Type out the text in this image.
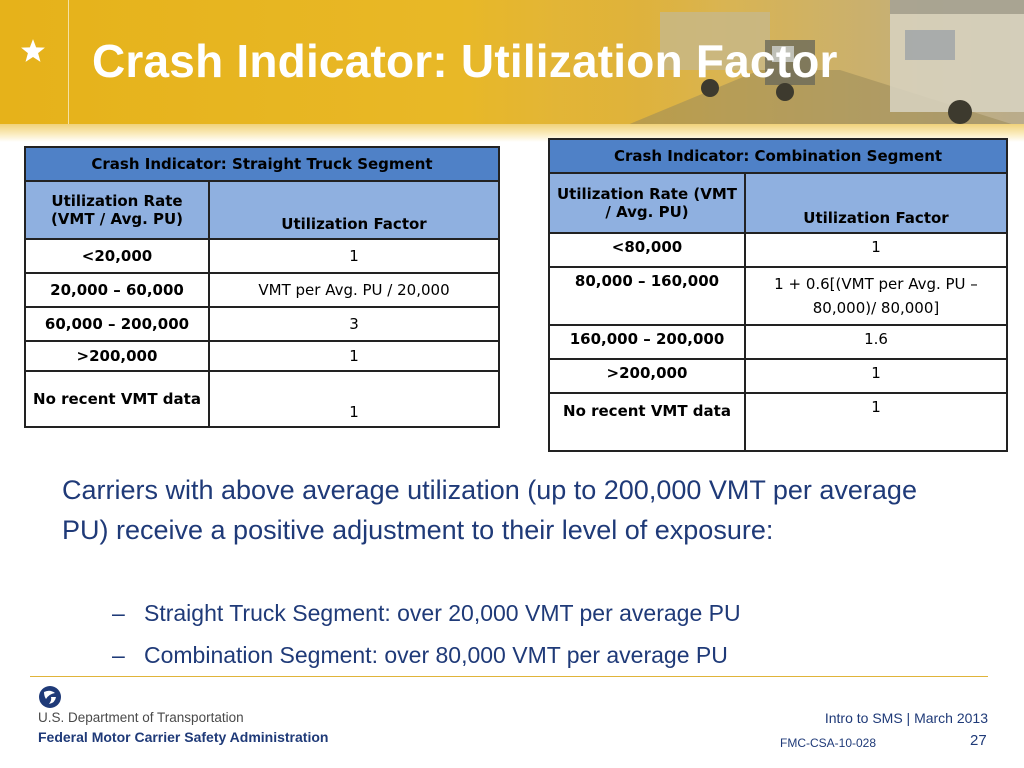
Crash Indicator: Utilization Factor
Crash Indicator: Straight Truck Segment	
Utilization Rate (VMT / Avg. PU)	Utilization Factor
<20,000	1
20,000 – 60,000	VMT per Avg. PU / 20,000
60,000 – 200,000	3
>200,000	1
No recent VMT data	1
Crash Indicator: Combination Segment	
Utilization Rate (VMT / Avg. PU)	Utilization Factor
<80,000	1
80,000 – 160,000	1 + 0.6[(VMT per Avg. PU – 80,000)/ 80,000]
160,000 – 200,000	1.6
>200,000	1
No recent VMT data	1
Carriers with above average utilization (up to 200,000 VMT per average PU) receive a positive adjustment to their level of exposure:
– Straight Truck Segment: over 20,000 VMT per average PU
– Combination Segment: over 80,000 VMT per average PU
U.S. Department of Transportation
Federal Motor Carrier Safety Administration
Intro to SMS | March 2013
FMC-CSA-10-028	27
